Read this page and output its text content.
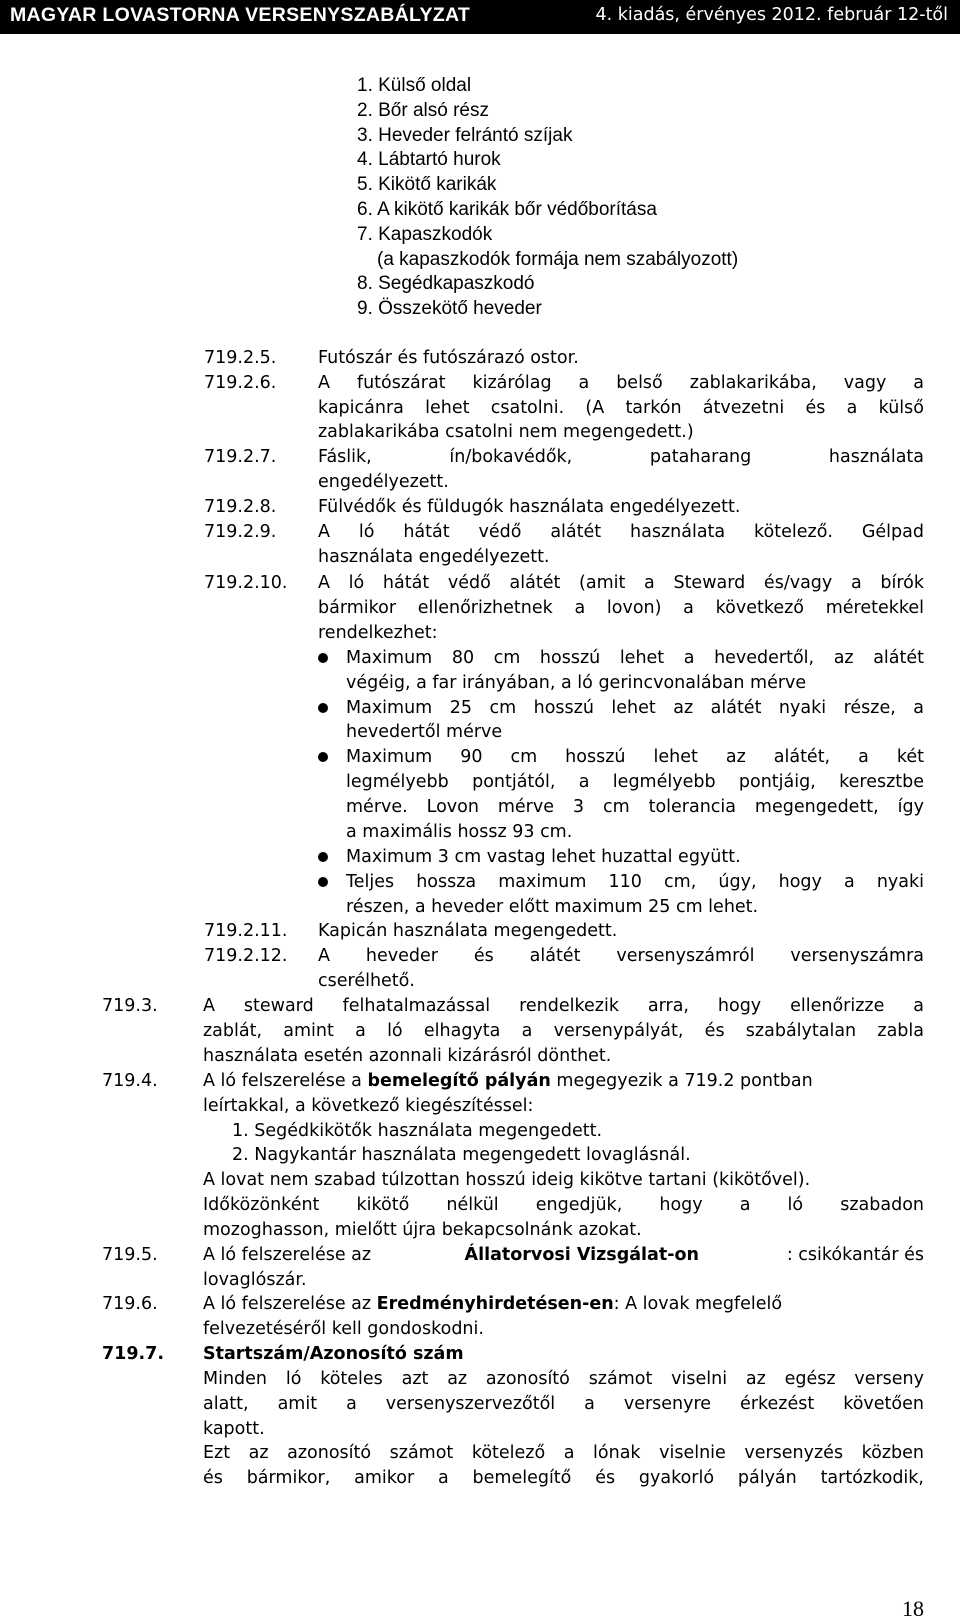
MAGYAR LOVASTORNA VERSENYSZABÁLYZAT	4. kiadás, érvényes 2012. február 12-től
1. Külső oldal
2. Bőr alsó rész
3. Heveder felrántó szíjak
4. Lábtartó hurok
5. Kikötő karikák
6. A kikötő karikák bőr védőborítása
7. Kapaszkodók
(a kapaszkodók formája nem szabályozott)
8. Segédkapaszkodó
9. Összekötő heveder
719.2.5. Futószár és futószárazó ostor.
719.2.6. A futószárat kizárólag a belső zablakarikába, vagy a
kapicánra lehet csatolni. (A tarkón átvezetni és a külső
zablakarikába csatolni nem megengedett.)
719.2.7. Fáslik, ín/bokavédők, pataharang használata
engedélyezett.
719.2.8. Fülvédők és füldugók használata engedélyezett.
719.2.9. A ló hátát védő alátét használata kötelező. Gélpad
használata engedélyezett.
719.2.10. A ló hátát védő alátét (amit a Steward és/vagy a bírók
bármikor ellenőrizhetnek a lovon) a következő méretekkel
rendelkezhet:
Maximum 80 cm hosszú lehet a hevedertől, az alátét
végéig, a far irányában, a ló gerincvonalában mérve
Maximum 25 cm hosszú lehet az alátét nyaki része, a
hevedertől mérve
Maximum 90 cm hosszú lehet az alátét, a két
legmélyebb pontjától, a legmélyebb pontjáig, keresztbe
mérve. Lovon mérve 3 cm tolerancia megengedett, így
a maximális hossz 93 cm.
Maximum 3 cm vastag lehet huzattal együtt.
Teljes hossza maximum 110 cm, úgy, hogy a nyaki
részen, a heveder előtt maximum 25 cm lehet.
719.2.11. Kapicán használata megengedett.
719.2.12. A heveder és alátét versenyszámról versenyszámra
cserélhető.
719.3.	A steward felhatalmazással rendelkezik arra, hogy ellenőrizze a
zablát, amint a ló elhagyta a versenypályát, és szabálytalan zabla
használata esetén azonnali kizárásról dönthet.
719.4.	A ló felszerelése a bemelegítő pályán megegyezik a 719.2 pontban
leírtakkal, a következő kiegészítéssel:
1. Segédkikötők használata megengedett.
2. Nagykantár használata megengedett lovaglásnál.
A lovat nem szabad túlzottan hosszú ideig kikötve tartani (kikötővel).
Időközönként kikötő nélkül engedjük, hogy a ló szabadon
mozoghasson, mielőtt újra bekapcsolnánk azokat.
719.5.	A ló felszerelése az	Állatorvosi Vizsgálat-on	: csikókantár és
lovaglószár.
719.6.	A ló felszerelése az Eredményhirdetésen-en: A lovak megfelelő
felvezetéséről kell gondoskodni.
719.7. Startszám/Azonosító szám
Minden ló köteles azt az azonosító számot viselni az egész verseny
alatt, amit a versenyszervezőtől a versenyre érkezést követően
kapott.
Ezt az azonosító számot kötelező a lónak viselnie versenyzés közben
és bármikor, amikor a bemelegítő és gyakorló pályán tartózkodik,
18
